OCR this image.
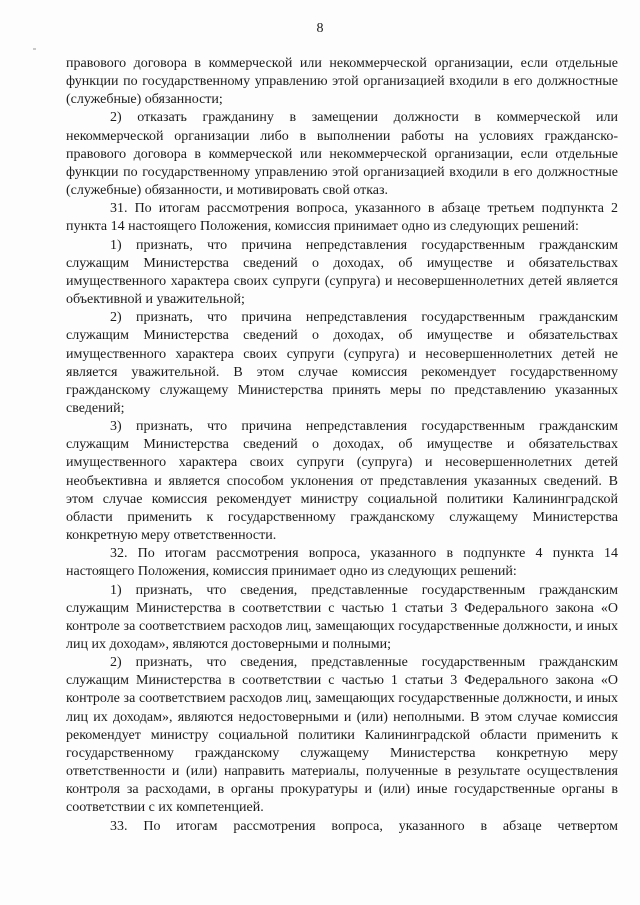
8

правового договора в коммерческой или некоммерческой организации, если отдельные функции по государственному управлению этой организацией входили в его должностные (служебные) обязанности;

2) отказать гражданину в замещении должности в коммерческой или некоммерческой организации либо в выполнении работы на условиях гражданско-правового договора в коммерческой или некоммерческой организации, если отдельные функции по государственному управлению этой организацией входили в его должностные (служебные) обязанности, и мотивировать свой отказ.

31. По итогам рассмотрения вопроса, указанного в абзаце третьем подпункта 2 пункта 14 настоящего Положения, комиссия принимает одно из следующих решений:

1) признать, что причина непредставления государственным гражданским служащим Министерства сведений о доходах, об имуществе и обязательствах имущественного характера своих супруги (супруга) и несовершеннолетних детей является объективной и уважительной;

2) признать, что причина непредставления государственным гражданским служащим Министерства сведений о доходах, об имуществе и обязательствах имущественного характера своих супруги (супруга) и несовершеннолетних детей не является уважительной. В этом случае комиссия рекомендует государственному гражданскому служащему Министерства принять меры по представлению указанных сведений;

3) признать, что причина непредставления государственным гражданским служащим Министерства сведений о доходах, об имуществе и обязательствах имущественного характера своих супруги (супруга) и несовершеннолетних детей необъективна и является способом уклонения от представления указанных сведений. В этом случае комиссия рекомендует министру социальной политики Калининградской области применить к государственному гражданскому служащему Министерства конкретную меру ответственности.

32. По итогам рассмотрения вопроса, указанного в подпункте 4 пункта 14 настоящего Положения, комиссия принимает одно из следующих решений:

1) признать, что сведения, представленные государственным гражданским служащим Министерства в соответствии с частью 1 статьи 3 Федерального закона «О контроле за соответствием расходов лиц, замещающих государственные должности, и иных лиц их доходам», являются достоверными и полными;

2) признать, что сведения, представленные государственным гражданским служащим Министерства в соответствии с частью 1 статьи 3 Федерального закона «О контроле за соответствием расходов лиц, замещающих государственные должности, и иных лиц их доходам», являются недостоверными и (или) неполными. В этом случае комиссия рекомендует министру социальной политики Калининградской области применить к государственному гражданскому служащему Министерства конкретную меру ответственности и (или) направить материалы, полученные в результате осуществления контроля за расходами, в органы прокуратуры и (или) иные государственные органы в соответствии с их компетенцией.

33. По итогам рассмотрения вопроса, указанного в абзаце четвертом
